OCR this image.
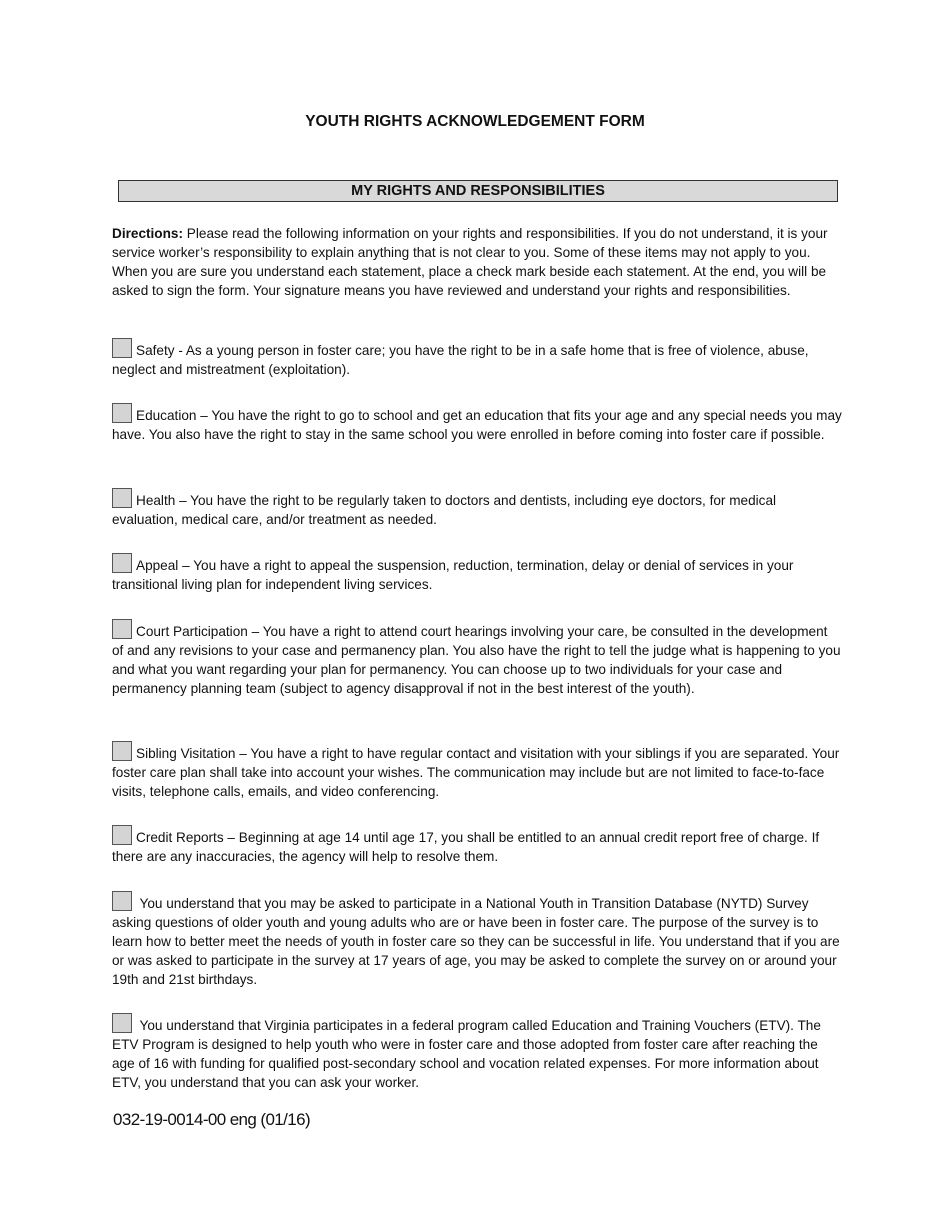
YOUTH RIGHTS ACKNOWLEDGEMENT FORM
MY RIGHTS AND RESPONSIBILITIES
Directions: Please read the following information on your rights and responsibilities. If you do not understand, it is your service worker’s responsibility to explain anything that is not clear to you. Some of these items may not apply to you. When you are sure you understand each statement, place a check mark beside each statement. At the end, you will be asked to sign the form. Your signature means you have reviewed and understand your rights and responsibilities.
Safety - As a young person in foster care; you have the right to be in a safe home that is free of violence, abuse, neglect and mistreatment (exploitation).
Education – You have the right to go to school and get an education that fits your age and any special needs you may have. You also have the right to stay in the same school you were enrolled in before coming into foster care if possible.
Health – You have the right to be regularly taken to doctors and dentists, including eye doctors, for medical evaluation, medical care, and/or treatment as needed.
Appeal – You have a right to appeal the suspension, reduction, termination, delay or denial of services in your transitional living plan for independent living services.
Court Participation – You have a right to attend court hearings involving your care, be consulted in the development of and any revisions to your case and permanency plan. You also have the right to tell the judge what is happening to you and what you want regarding your plan for permanency. You can choose up to two individuals for your case and permanency planning team (subject to agency disapproval if not in the best interest of the youth).
Sibling Visitation – You have a right to have regular contact and visitation with your siblings if you are separated. Your foster care plan shall take into account your wishes. The communication may include but are not limited to face-to-face visits, telephone calls, emails, and video conferencing.
Credit Reports – Beginning at age 14 until age 17, you shall be entitled to an annual credit report free of charge. If there are any inaccuracies, the agency will help to resolve them.
You understand that you may be asked to participate in a National Youth in Transition Database (NYTD) Survey asking questions of older youth and young adults who are or have been in foster care. The purpose of the survey is to learn how to better meet the needs of youth in foster care so they can be successful in life. You understand that if you are or was asked to participate in the survey at 17 years of age, you may be asked to complete the survey on or around your 19th and 21st birthdays.
You understand that Virginia participates in a federal program called Education and Training Vouchers (ETV). The ETV Program is designed to help youth who were in foster care and those adopted from foster care after reaching the age of 16 with funding for qualified post-secondary school and vocation related expenses. For more information about ETV, you understand that you can ask your worker.
032-19-0014-00 eng (01/16)
